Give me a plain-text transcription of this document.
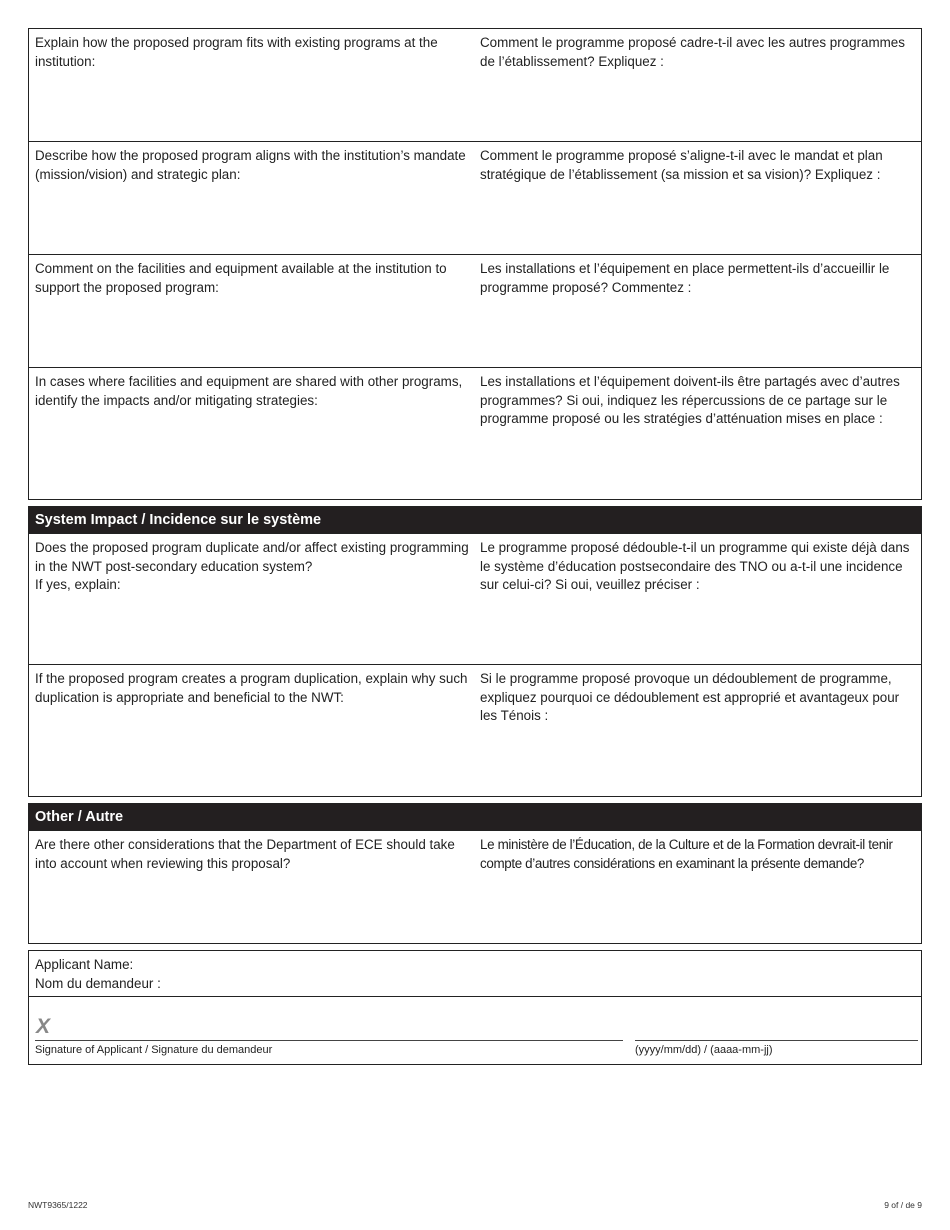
Explain how the proposed program fits with existing programs at the institution:
Comment le programme proposé cadre-t-il avec les autres programmes de l’établissement? Expliquez :
Describe how the proposed program aligns with the institution’s mandate (mission/vision) and strategic plan:
Comment le programme proposé s’aligne-t-il avec le mandat et plan stratégique de l’établissement (sa mission et sa vision)? Expliquez :
Comment on the facilities and equipment available at the institution to support the proposed program:
Les installations et l’équipement en place permettent-ils d’accueillir le programme proposé? Commentez :
In cases where facilities and equipment are shared with other programs, identify the impacts and/or mitigating strategies:
Les installations et l’équipement doivent-ils être partagés avec d’autres programmes? Si oui, indiquez les répercussions de ce partage sur le programme proposé ou les stratégies d’atténuation mises en place :
System Impact / Incidence sur le système
Does the proposed program duplicate and/or affect existing programming in the NWT post-secondary education system?
If yes, explain:
Le programme proposé dédouble-t-il un programme qui existe déjà dans le système d’éducation postsecondaire des TNO ou a-t-il une incidence sur celui-ci? Si oui, veuillez préciser :
If the proposed program creates a program duplication, explain why such duplication is appropriate and beneficial to the NWT:
Si le programme proposé provoque un dédoublement de programme, expliquez pourquoi ce dédoublement est approprié et avantageux pour les Ténois :
Other / Autre
Are there other considerations that the Department of ECE should take into account when reviewing this proposal?
Le ministère de l’Éducation, de la Culture et de la Formation devrait-il tenir compte d’autres considérations en examinant la présente demande?
Applicant Name:
Nom du demandeur :
X
Signature of Applicant / Signature du demandeur	(yyyy/mm/dd) / (aaaa-mm-jj)
NWT9365/1222	9 of / de 9
